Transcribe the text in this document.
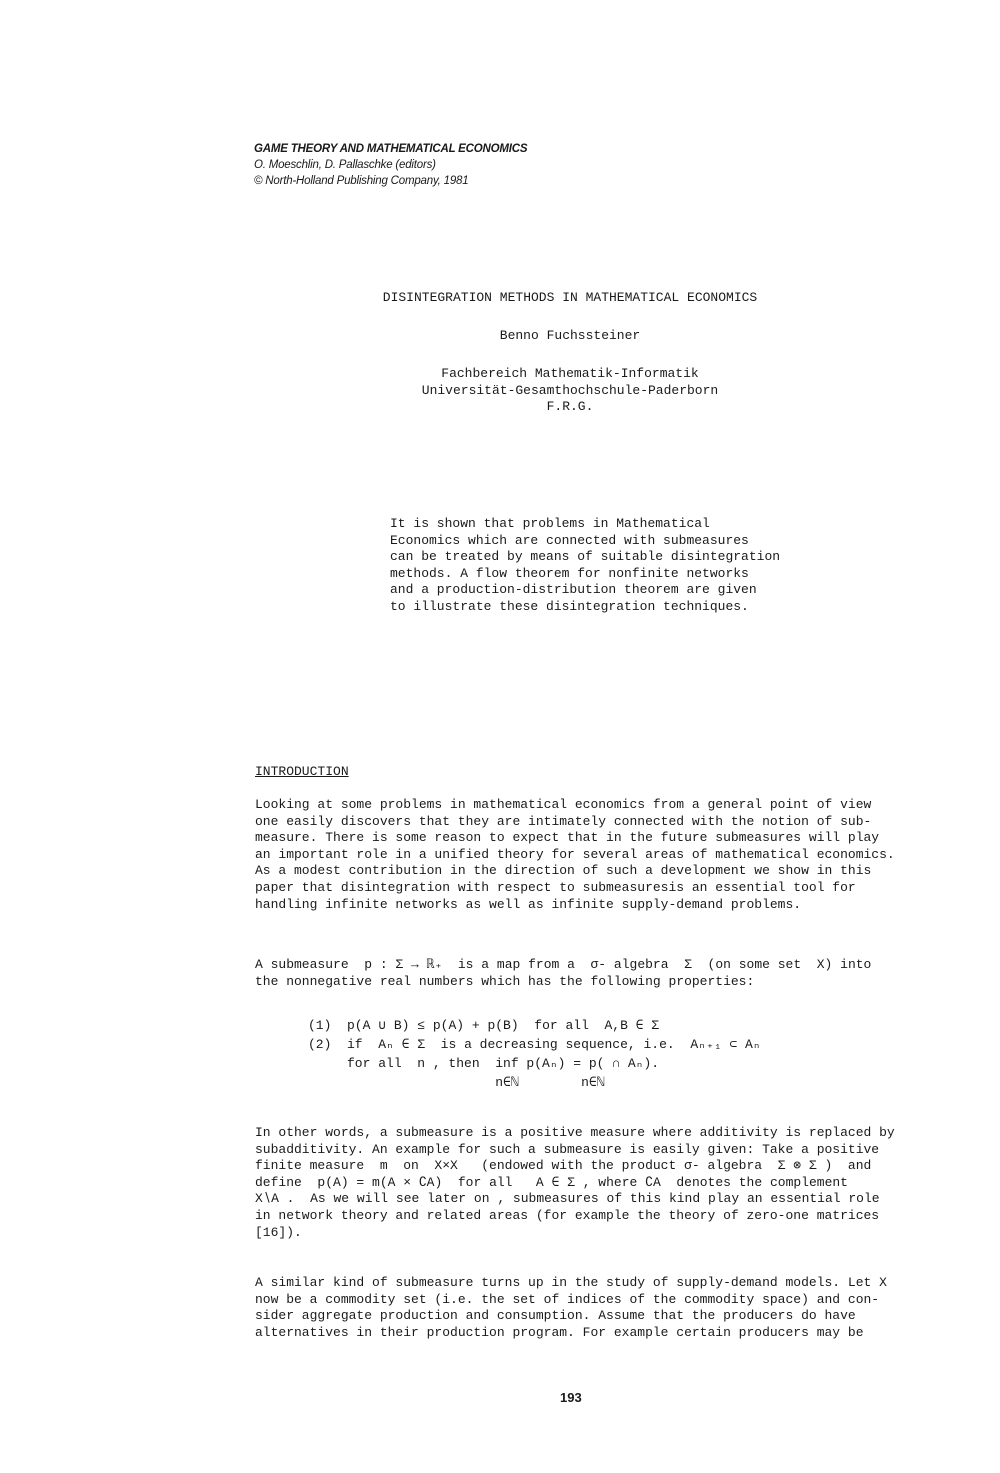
GAME THEORY AND MATHEMATICAL ECONOMICS
O. Moeschlin, D. Pallaschke (editors)
© North-Holland Publishing Company, 1981
DISINTEGRATION METHODS IN MATHEMATICAL ECONOMICS
Benno Fuchssteiner
Fachbereich Mathematik-Informatik
Universität-Gesamthochschule-Paderborn
F.R.G.
It is shown that problems in Mathematical
Economics which are connected with submeasures
can be treated by means of suitable disintegration
methods. A flow theorem for nonfinite networks
and a production-distribution theorem are given
to illustrate these disintegration techniques.
INTRODUCTION
Looking at some problems in mathematical economics from a general point of view
one easily discovers that they are intimately connected with the notion of sub-
measure. There is some reason to expect that in the future submeasures will play
an important role in a unified theory for several areas of mathematical economics.
As a modest contribution in the direction of such a development we show in this
paper that disintegration with respect to submeasuresis an essential tool for
handling infinite networks as well as infinite supply-demand problems.
A submeasure  p : Σ → ℝ₊  is a map from a  σ- algebra  Σ  (on some set  X) into
the nonnegative real numbers which has the following properties:
(1)  p(A ∪ B) ≤ p(A) + p(B)  for all  A,B ∈ Σ
(2)  if  Aₙ ∈ Σ  is a decreasing sequence, i.e.  Aₙ₊₁ ⊂ Aₙ
for all  n , then  inf p(Aₙ) = p( ∩ Aₙ).
n∈ℕ        n∈ℕ
In other words, a submeasure is a positive measure where additivity is replaced by
subadditivity. An example for such a submeasure is easily given: Take a positive
finite measure  m  on  X×X   (endowed with the product σ- algebra  Σ ⊗ Σ )  and
define  p(A) = m(A × ∁A)  for all   A ∈ Σ , where ∁A  denotes the complement
X∖A .  As we will see later on , submeasures of this kind play an essential role
in network theory and related areas (for example the theory of zero-one matrices
[16]).
A similar kind of submeasure turns up in the study of supply-demand models. Let X
now be a commodity set (i.e. the set of indices of the commodity space) and con-
sider aggregate production and consumption. Assume that the producers do have
alternatives in their production program. For example certain producers may be
193
